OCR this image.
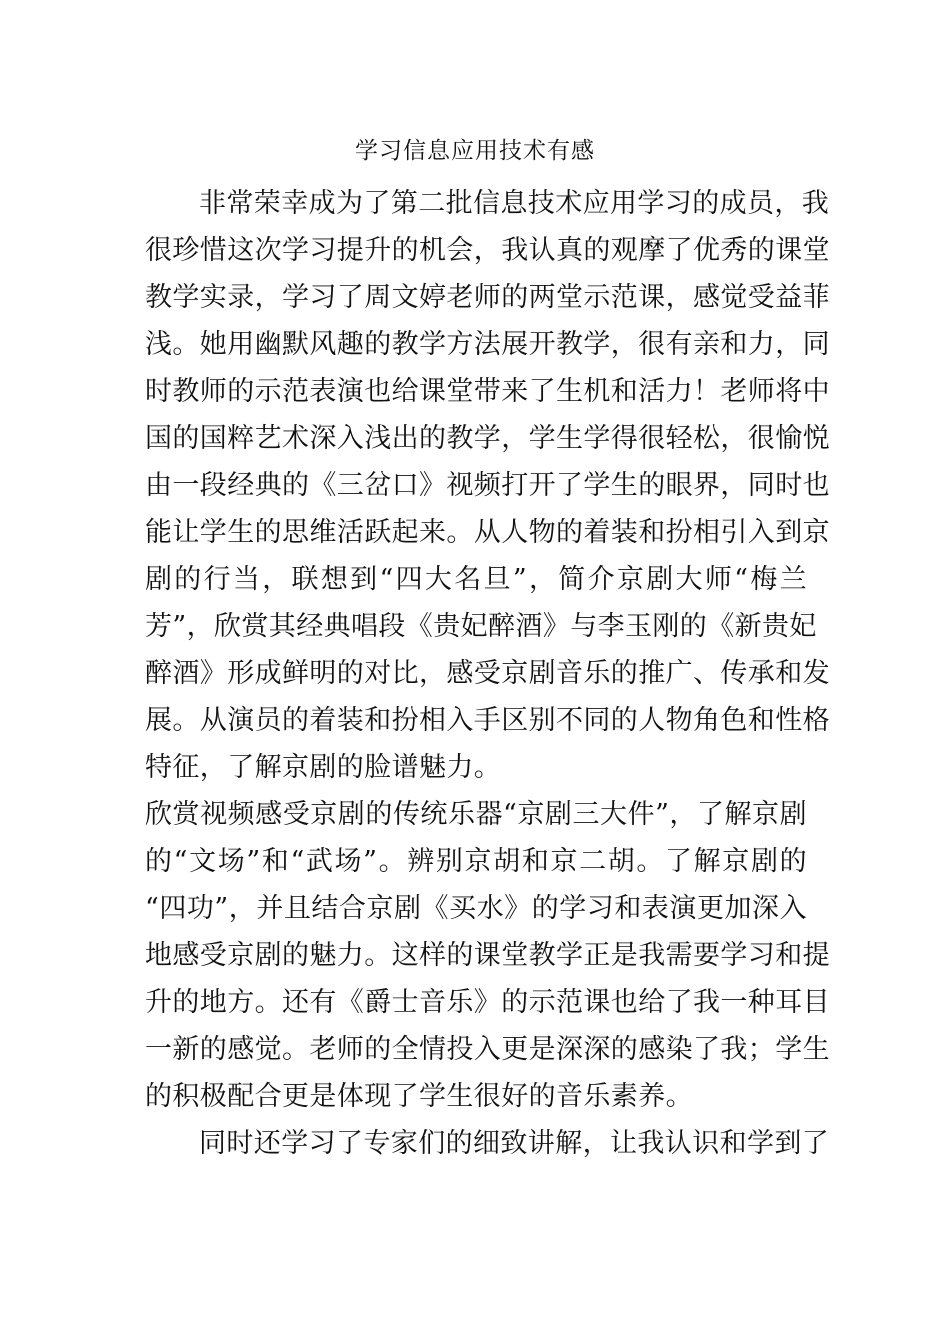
学习信息应用技术有感
非常荣幸成为了第二批信息技术应用学习的成员，我
很珍惜这次学习提升的机会，我认真的观摩了优秀的课堂
教学实录，学习了周文婷老师的两堂示范课，感觉受益菲
浅。她用幽默风趣的教学方法展开教学，很有亲和力，同
时教师的示范表演也给课堂带来了生机和活力！老师将中
国的国粹艺术深入浅出的教学，学生学得很轻松，很愉悦
由一段经典的《三岔口》视频打开了学生的眼界，同时也
能让学生的思维活跃起来。从人物的着装和扮相引入到京
剧的行当，联想到“四大名旦”，简介京剧大师“梅兰
芳”，欣赏其经典唱段《贵妃醉酒》与李玉刚的《新贵妃
醉酒》形成鲜明的对比，感受京剧音乐的推广、传承和发
展。从演员的着装和扮相入手区别不同的人物角色和性格
特征，了解京剧的脸谱魅力。
欣赏视频感受京剧的传统乐器“京剧三大件”，了解京剧
的“文场”和“武场”。辨别京胡和京二胡。了解京剧的
“四功”，并且结合京剧《买水》的学习和表演更加深入
地感受京剧的魅力。这样的课堂教学正是我需要学习和提
升的地方。还有《爵士音乐》的示范课也给了我一种耳目
一新的感觉。老师的全情投入更是深深的感染了我；学生
的积极配合更是体现了学生很好的音乐素养。
同时还学习了专家们的细致讲解，让我认识和学到了
